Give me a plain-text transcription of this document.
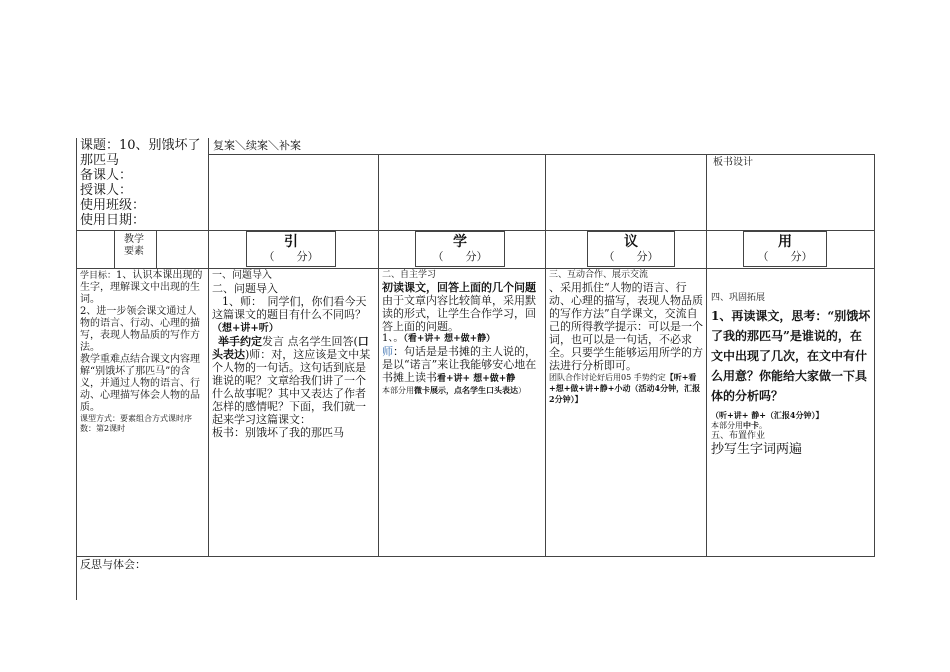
课题：10、别饿坏了那匹马

备课人：

授课人：

使用班级：

使用日期：

复案＼续案＼补案
板书设计
教学要素
引
（　　分）
学
（　　分）
议
（　　分）
用
（　　分）

学目标：1、认识本课出现的生字，理解课文中出现的生词。

2、进一步领会课文通过人物的语言、行动、心理的描写，表现人物品质的写作方法。

教学重难点结合课文内容理解“别饿坏了那匹马”的含义，并通过人物的语言、行动、心理描写体会人物的品质。

课型方式：要素组合方式课时序数：第2课时

一、问题导入

二、问题导入

1、师：　同学们，你们看今天这篇课文的题目有什么不同吗？（想+讲+听）

举手约定发言 点名学生回答(口头表达)师：对，这应该是文中某个人物的一句话。这句话到底是谁说的呢？文章给我们讲了一个什么故事呢？其中又表达了作者怎样的感情呢？下面，我们就一起来学习这篇课文：

板书：别饿坏了我的那匹马

二、自主学习

初读课文，回答上面的几个问题由于文章内容比较简单，采用默读的形式，让学生合作学习，回答上面的问题。

1、。（看+讲+ 想+做+静）

师：句话是是书摊的主人说的，是以“诺言”来让我能够安心地在书摊上读书看+讲+ 想+做+静

本部分用微卡展示，点名学生口头表达）

三、互动合作、展示交流

、采用抓住“人物的语言、行动、心理的描写，表现人物品质的写作方法”自学课文，交流自己的所得教学提示：可以是一个词，也可以是一句话，不必求全。只要学生能够运用所学的方法进行分析即可。

团队合作讨论好后用05 手势约定【听+看+想+做+讲+静+小动（活动4分钟，汇报2分钟）】

四、巩固拓展

1、再读课文，思考：“别饿坏了我的那匹马”是谁说的，在文中出现了几次，在文中有什么用意？你能给大家做一下具体的分析吗？

（听+讲+ 静+（汇报4分钟）】

本部分用中卡。

五、布置作业

抄写生字词两遍

反思与体会：
